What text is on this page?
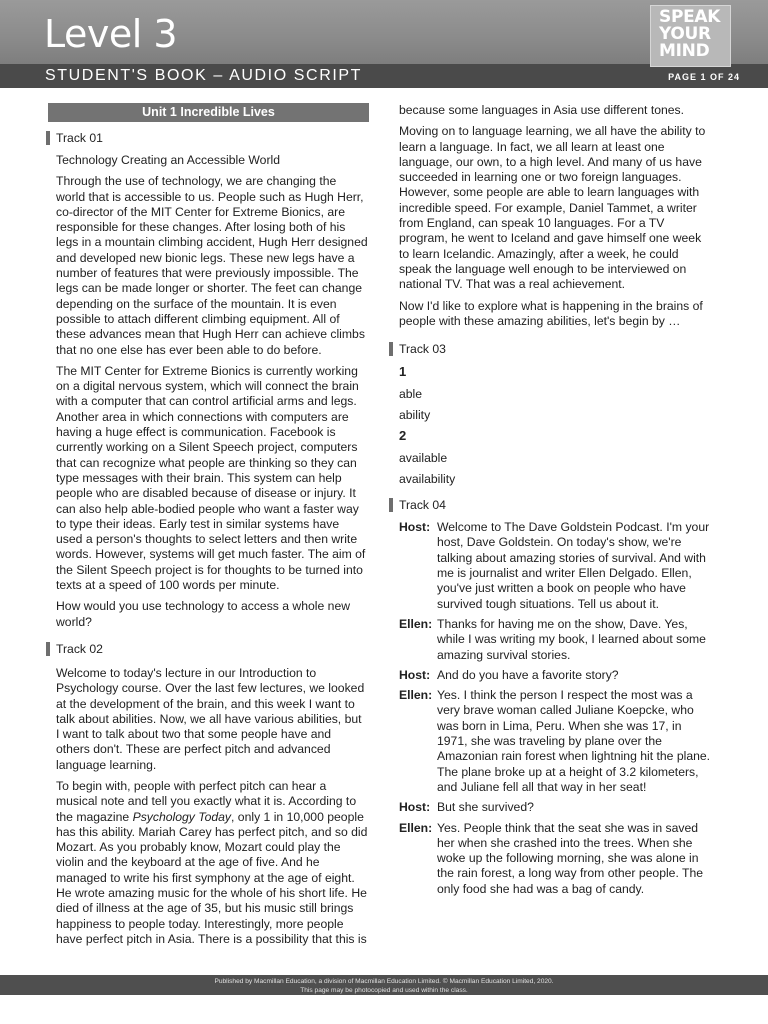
Level 3
STUDENT'S BOOK – AUDIO SCRIPT
SPEAK
YOUR
MIND
PAGE 1 OF 24
Unit 1 Incredible Lives
Track 01
Technology Creating an Accessible World

Through the use of technology, we are changing the world that is accessible to us. People such as Hugh Herr, co-director of the MIT Center for Extreme Bionics, are responsible for these changes. After losing both of his legs in a mountain climbing accident, Hugh Herr designed and developed new bionic legs. These new legs have a number of features that were previously impossible. The legs can be made longer or shorter. The feet can change depending on the surface of the mountain. It is even possible to attach different climbing equipment. All of these advances mean that Hugh Herr can achieve climbs that no one else has ever been able to do before.

The MIT Center for Extreme Bionics is currently working on a digital nervous system, which will connect the brain with a computer that can control artificial arms and legs. Another area in which connections with computers are having a huge effect is communication. Facebook is currently working on a Silent Speech project, computers that can recognize what people are thinking so they can type messages with their brain. This system can help people who are disabled because of disease or injury. It can also help able-bodied people who want a faster way to type their ideas. Early test in similar systems have used a person's thoughts to select letters and then write words. However, systems will get much faster. The aim of the Silent Speech project is for thoughts to be turned into texts at a speed of 100 words per minute.

How would you use technology to access a whole new world?

Track 02

Welcome to today's lecture in our Introduction to Psychology course. Over the last few lectures, we looked at the development of the brain, and this week I want to talk about abilities. Now, we all have various abilities, but I want to talk about two that some people have and others don't. These are perfect pitch and advanced language learning.

To begin with, people with perfect pitch can hear a musical note and tell you exactly what it is. According to the magazine Psychology Today, only 1 in 10,000 people has this ability. Mariah Carey has perfect pitch, and so did Mozart. As you probably know, Mozart could play the violin and the keyboard at the age of five. And he managed to write his first symphony at the age of eight. He wrote amazing music for the whole of his short life. He died of illness at the age of 35, but his music still brings happiness to people today. Interestingly, more people have perfect pitch in Asia. There is a possibility that this is

because some languages in Asia use different tones.

Moving on to language learning, we all have the ability to learn a language. In fact, we all learn at least one language, our own, to a high level. And many of us have succeeded in learning one or two foreign languages. However, some people are able to learn languages with incredible speed. For example, Daniel Tammet, a writer from England, can speak 10 languages. For a TV program, he went to Iceland and gave himself one week to learn Icelandic. Amazingly, after a week, he could speak the language well enough to be interviewed on national TV. That was a real achievement.

Now I'd like to explore what is happening in the brains of people with these amazing abilities, let's begin by …

Track 03
1
able
ability
2
available
availability
Track 04
Host: Welcome to The Dave Goldstein Podcast. I'm your host, Dave Goldstein. On today's show, we're talking about amazing stories of survival. And with me is journalist and writer Ellen Delgado. Ellen, you've just written a book on people who have survived tough situations. Tell us about it.
Ellen: Thanks for having me on the show, Dave. Yes, while I was writing my book, I learned about some amazing survival stories.
Host: And do you have a favorite story?
Ellen: Yes. I think the person I respect the most was a very brave woman called Juliane Koepcke, who was born in Lima, Peru. When she was 17, in 1971, she was traveling by plane over the Amazonian rain forest when lightning hit the plane. The plane broke up at a height of 3.2 kilometers, and Juliane fell all that way in her seat!
Host: But she survived?
Ellen: Yes. People think that the seat she was in saved her when she crashed into the trees. When she woke up the following morning, she was alone in the rain forest, a long way from other people. The only food she had was a bag of candy.
Published by Macmillan Education, a division of Macmillan Education Limited. © Macmillan Education Limited, 2020.
This page may be photocopied and used within the class.
